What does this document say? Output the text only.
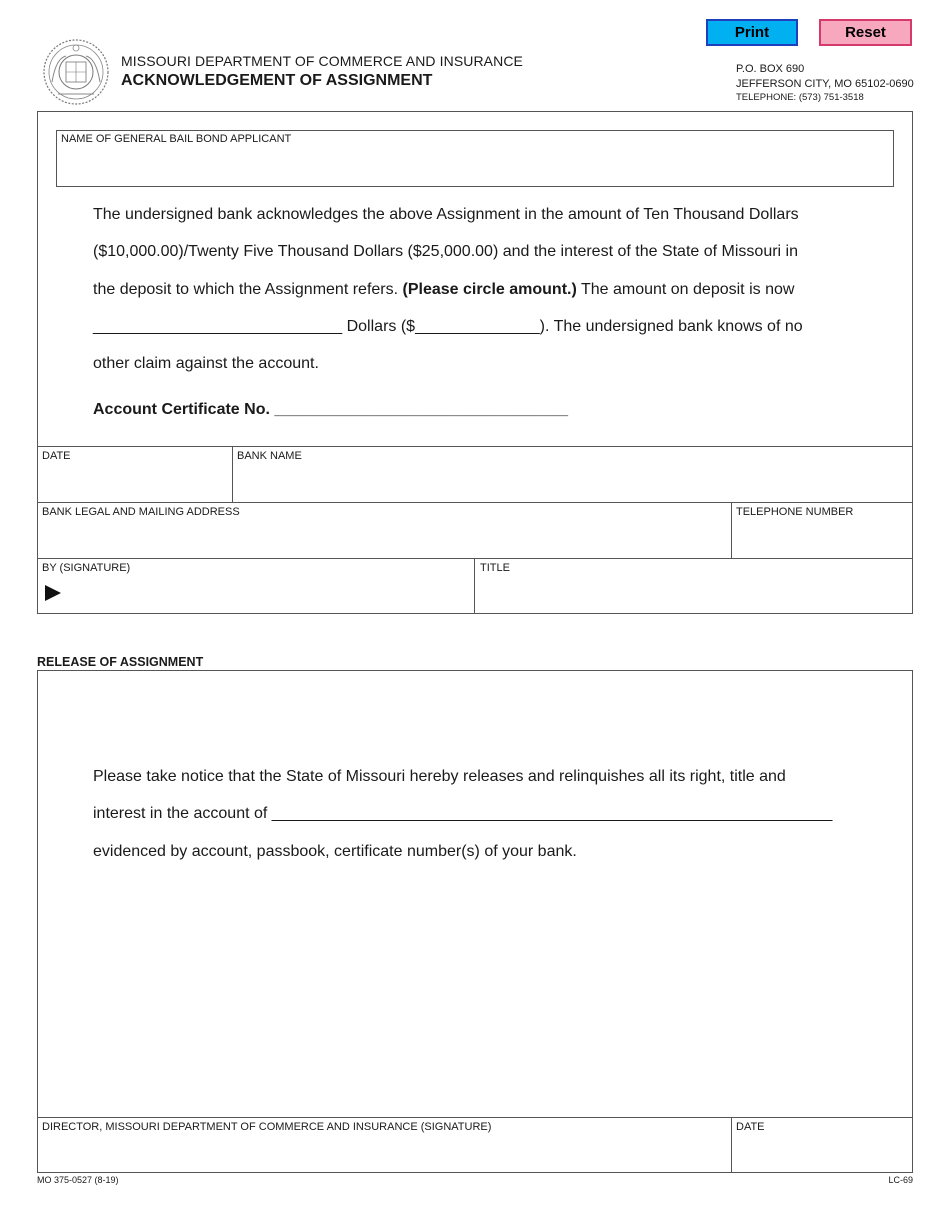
MISSOURI DEPARTMENT OF COMMERCE AND INSURANCE
ACKNOWLEDGEMENT OF ASSIGNMENT
Print	Reset
P.O. BOX 690
JEFFERSON CITY, MO 65102-0690
TELEPHONE: (573) 751-3518
NAME OF GENERAL BAIL BOND APPLICANT
The undersigned bank acknowledges the above Assignment in the amount of Ten Thousand Dollars
($10,000.00)/Twenty Five Thousand Dollars ($25,000.00) and the interest of the State of Missouri in
the deposit to which the Assignment refers. (Please circle amount.) The amount on deposit is now
____________________________ Dollars ($______________). The undersigned bank knows of no
other claim against the account.
Account Certificate No. _________________________________
DATE	BANK NAME
BANK LEGAL AND MAILING ADDRESS	TELEPHONE NUMBER
BY (SIGNATURE)	TITLE
RELEASE OF ASSIGNMENT
Please take notice that the State of Missouri hereby releases and relinquishes all its right, title and
interest in the account of _______________________________________________________________
evidenced by account, passbook, certificate number(s) of your bank.
DIRECTOR, MISSOURI DEPARTMENT OF COMMERCE AND INSURANCE (SIGNATURE)	DATE
MO 375-0527 (8-19)	LC-69
